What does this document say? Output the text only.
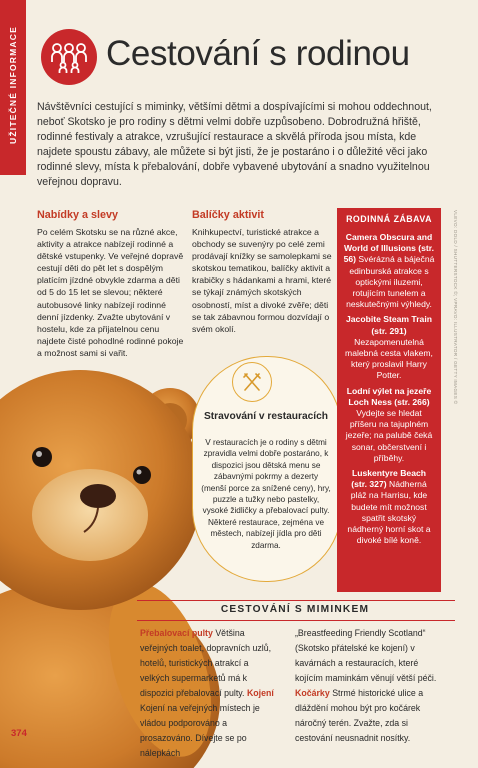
UŽITEČNÉ INFORMACE	Cestování s rodinou

Návštěvníci cestující s miminky, většími dětmi a dospívajícími si mohou oddechnout, neboť Skotsko je pro rodiny s dětmi velmi dobře uzpůsobeno. Dobrodružná hřiště, rodinné festivaly a atrakce, vzrušující restaurace a skvělá příroda jsou místa, kde najdete spoustu zábavy, ale můžete si být jisti, že je postaráno i o důležité věci jako rodinné slevy, místa k přebalování, dobře vybavené ubytování a snadno využitelnou veřejnou dopravu.

Nabídky a slevy

Po celém Skotsku se na různé akce, aktivity a atrakce nabízejí rodinné a dětské vstupenky. Ve veřejné dopravě cestují děti do pět let s dospělým platícím jízdné obvykle zdarma a děti od 5 do 15 let se slevou; některé autobusové linky nabízejí rodinné denní jízdenky. Zvažte ubytování v hostelu, kde za přijatelnou cenu najdete čisté pohodlné rodinné pokoje a možnost sami si vařit.

Balíčky aktivit

Knihkupectví, turistické atrakce a obchody se suvenýry po celé zemi prodávají knížky se samolepkami se skotskou tematikou, balíčky aktivit a krabičky s hádankami a hrami, které se týkají známých skotských osobností, míst a divoké zvěře; děti se tak zábavnou formou dozvídají o svém okolí.

Stravování v restauracích

V restauracích je o rodiny s dětmi zpravidla velmi dobře postaráno, k dispozici jsou dětská menu se zábavnými pokrmy a dezerty (menší porce za snížené ceny), hry, puzzle a tužky nebo pastelky, vysoké židličky a přebalovací pulty. Některé restaurace, zejména ve městech, nabízejí jídla pro děti zdarma.

RODINNÁ ZÁBAVA

Camera Obscura and World of Illusions (str. 56) Svérázná a báječná edinburská atrakce s optickými iluzemi, rotujícím tunelem a neskutečnými výhledy.

Jacobite Steam Train (str. 291) Nezapomenutelná malebná cesta vlakem, který proslavil Harry Potter.

Lodní výlet na jezeře Loch Ness (str. 266) Vydejte se hledat příšeru na tajuplném jezeře; na palubě čeká sonar, občerstvení i příběhy.

Luskentyre Beach (str. 327) Nádherná pláž na Harrisu, kde budete mít možnost spatřit skotský nádherný horní skot a divoké bílé koně.

VLEVO: DOLD / SHUTTERSTOCK ©; VPRAVO: ILLUSTRATOR / GETTY IMAGES ©
CESTOVÁNÍ S MIMINKEM

Přebalovací pulty Většina veřejných toalet, dopravních uzlů, hotelů, turistických atrakcí a velkých supermarketů má k dispozici přebalovací pulty. Kojení Kojení na veřejných místech je vládou podporováno a prosazováno. Dívejte se po nálepkách

„Breastfeeding Friendly Scotland“ (Skotsko přátelské ke kojení) v kavárnách a restauracích, které kojícím maminkám věnují větší péči. Kočárky Strmé historické ulice a dláždění mohou být pro kočárek náročný terén. Zvažte, zda si cestování neusnadnit nosítky.

374
